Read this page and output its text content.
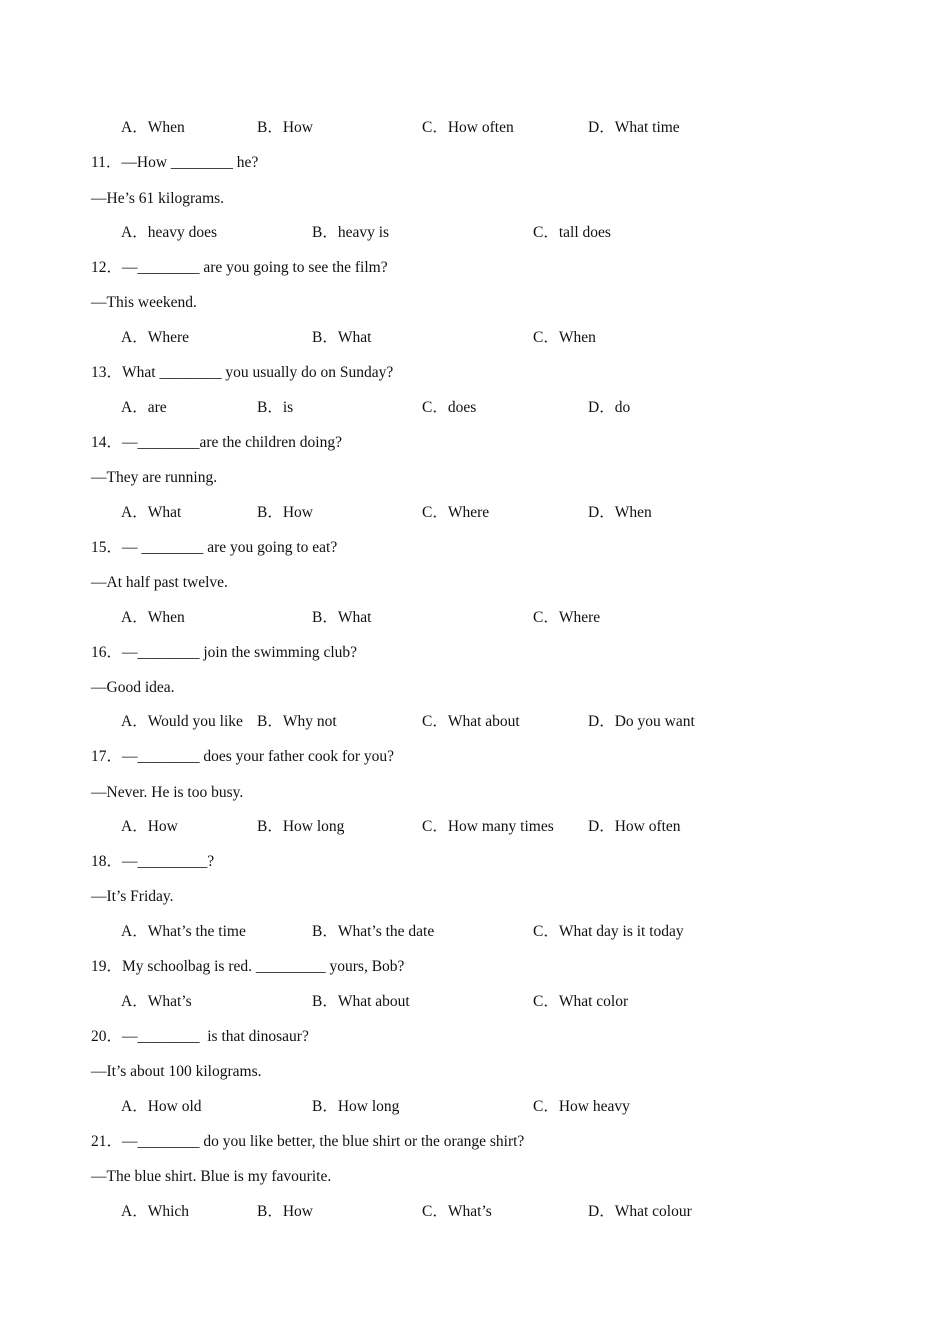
A．When	B．How	C．How often	D．What time
11．—How ________ he?
—He’s 61 kilograms.
A．heavy does	B．heavy is	C．tall does
12．—________ are you going to see the film?
—This weekend.
A．Where	B．What	C．When
13．What ________ you usually do on Sunday?
A．are	B．is	C．does	D．do
14．—________are the children doing?
—They are running.
A．What	B．How	C．Where	D．When
15．— ________ are you going to eat?
—At half past twelve.
A．When	B．What	C．Where
16．—________ join the swimming club?
—Good idea.
A．Would you like B．Why not	C．What about	D．Do you want
17．—________ does your father cook for you?
—Never. He is too busy.
A．How	B．How long	C．How many times D．How often
18．—_________?
—It’s Friday.
A．What’s the time	B．What’s the date	C．What day is it today
19．My schoolbag is red. _________ yours, Bob?
A．What’s	B．What about	C．What color
20．—________  is that dinosaur?
—It’s about 100 kilograms.
A．How old	B．How long	C．How heavy
21．—________ do you like better, the blue shirt or the orange shirt?
—The blue shirt. Blue is my favourite.
A．Which	B．How	C．What’s	D．What colour
